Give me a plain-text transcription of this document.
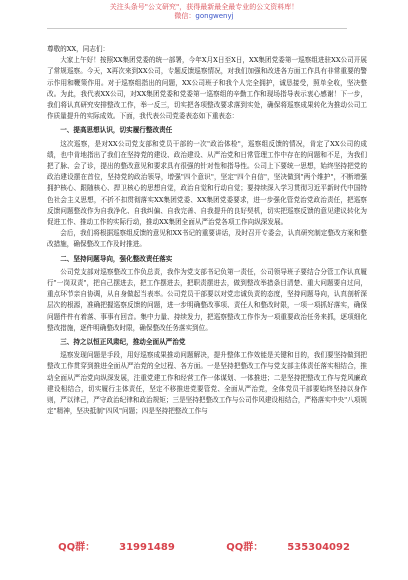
关注头条号"公文研究"，获得最新最全最专业的公文资料库！
微信：gongwenyj

尊敬的XX，同志们：

大家上午好！按照XX集团党委的统一部署，今年X月X日至X日，XX集团党委第一巡察组进驻XX公司开展了常规巡察。今天，X再次来到XX公司，专题反馈巡察情况，对我们加强和改进各方面工作具有非常重要的警示作用和鞭策作用。对于巡察组指出的问题，XX公司班子和我个人完全拥护，诚恳接受，照单全收，坚决整改。为此，我代表XX公司，对XX集团党委和党委第一巡察组的辛勤工作和现场指导表示衷心感谢！下一步，我们将认真研究安排整改工作，举一反三，切实把各项整改要求落到实处，确保将巡察成果转化为推动公司工作质量提升的实际成效。下面，我代表公司党委表态如下重表态：

一、提高思想认识，切实履行整改责任

这次巡察，是对XX公司党支部和党员干部的一次"政治体检"，巡察组反馈的情况，肯定了XX公司的成绩，也中肯地指出了我们在坚持党的建设、政治建设、从严治党和日常管理工作中存在的问题和不足，为我们把了脉、会了诊，提出的整改意见和要求具有很强的针对性和指导性。公司上下要统一思想，始终坚持把党的政治建设摆在首位，坚持党的政治领导，增强"四个意识"，坚定"四个自信"，坚决做到"两个维护"，不断增强拥护核心、跟随核心、捍卫核心的思想自觉，政治自觉和行动自觉；要持续深入学习贯彻习近平新时代中国特色社会主义思想，不折不扣贯彻落实XX集团党委、XX集团党委要求，进一步强化管党治党政治责任，把巡察反馈问题整改作为自我净化、自我纠偏、自我完善、自我提升的良好契机，切实把巡察反馈的意见建议转化为促进工作、推动工作的实际行动，推动XX集团全面从严治党各项工作向纵深发展。

会后，我们将根据巡察组反馈的意见和XX书记的重要讲话，及时召开专委会，认真研究制定整改方案和整改措施，确保整改工作及时推进。

二、坚持问题导向，强化整改责任落实

公司党支部对巡察整改工作负总责，我作为党支部书记负第一责任，公司领导班子要结合分管工作认真履行"一岗双责"，把自己摆进去，把工作摆进去，把职责摆进去，做到整改举措条目清楚、重大问题要自过问，重点环节亲自协调，从自身做起当表率。公司党员干部要以对党忠诚负责的态度，坚持问题导向，认真剖析深层次的根源，准确把握巡察反馈的问题，进一步明确整改事项、责任人和整改时限，一项一项抓好落实，确保问题件件有着落、事事有回音。集中力量、持续发力，把巡察整改工作作为一项重要政治任务来抓，逐项细化整改措施，逐件明确整改时限，确保整改任务落实到位。

三、持之以恒正风肃纪，推动全面从严治党

巡察发现问题是手段，用好巡察成果推动问题解决，提升整体工作效能是关键和目的，我们要坚持做到把整改工作贯穿到推进全面从严治党的全过程、各方面。一是坚持把整改工作与党支部主体责任落实相结合，推动全面从严治党向纵深发展，注重党建工作和经营工作一体谋划、一体推进；二是坚持把整改工作与党风廉政建设相结合，切实履行主体责任，坚定不移推进党要管党、全面从严治党，全体党员干部要始终坚持以身作则，严以律己，严守政治纪律和政治规矩；三是坚持把整改工作与公司作风建设相结合，严格落实中央"八项规定"精神，坚决抵制"四风"问题；四是坚持把整改工作与

QQ群： 31991489	QQ群： 535304092
